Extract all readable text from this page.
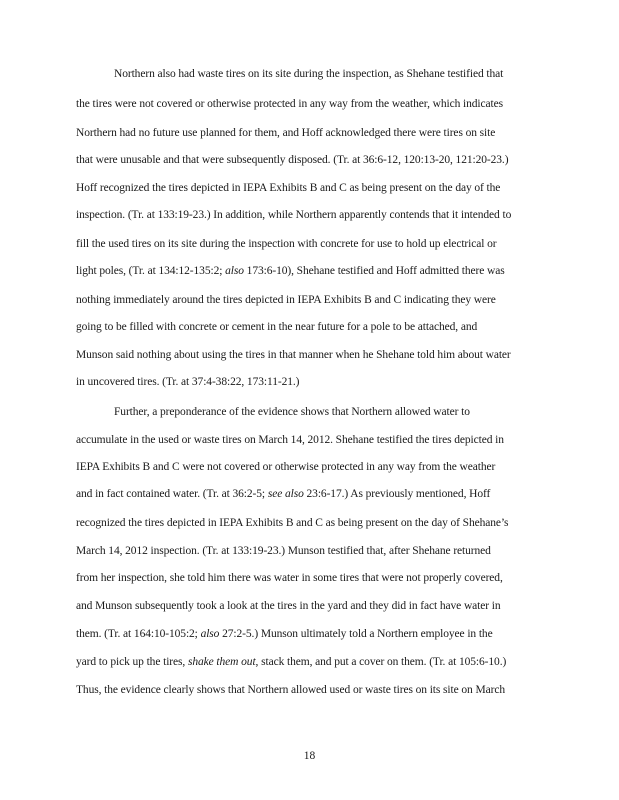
Northern also had waste tires on its site during the inspection, as Shehane testified that
the tires were not covered or otherwise protected in any way from the weather, which indicates
Northern had no future use planned for them, and Hoff acknowledged there were tires on site
that were unusable and that were subsequently disposed. (Tr. at 36:6-12, 120:13-20, 121:20-23.)
Hoff recognized the tires depicted in IEPA Exhibits B and C as being present on the day of the
inspection. (Tr. at 133:19-23.) In addition, while Northern apparently contends that it intended to
fill the used tires on its site during the inspection with concrete for use to hold up electrical or
light poles, (Tr. at 134:12-135:2; also 173:6-10), Shehane testified and Hoff admitted there was
nothing immediately around the tires depicted in IEPA Exhibits B and C indicating they were
going to be filled with concrete or cement in the near future for a pole to be attached, and
Munson said nothing about using the tires in that manner when he Shehane told him about water
in uncovered tires. (Tr. at 37:4-38:22, 173:11-21.)
Further, a preponderance of the evidence shows that Northern allowed water to
accumulate in the used or waste tires on March 14, 2012. Shehane testified the tires depicted in
IEPA Exhibits B and C were not covered or otherwise protected in any way from the weather
and in fact contained water. (Tr. at 36:2-5; see also 23:6-17.) As previously mentioned, Hoff
recognized the tires depicted in IEPA Exhibits B and C as being present on the day of Shehane’s
March 14, 2012 inspection. (Tr. at 133:19-23.) Munson testified that, after Shehane returned
from her inspection, she told him there was water in some tires that were not properly covered,
and Munson subsequently took a look at the tires in the yard and they did in fact have water in
them. (Tr. at 164:10-105:2; also 27:2-5.) Munson ultimately told a Northern employee in the
yard to pick up the tires, shake them out, stack them, and put a cover on them. (Tr. at 105:6-10.)
Thus, the evidence clearly shows that Northern allowed used or waste tires on its site on March
18
